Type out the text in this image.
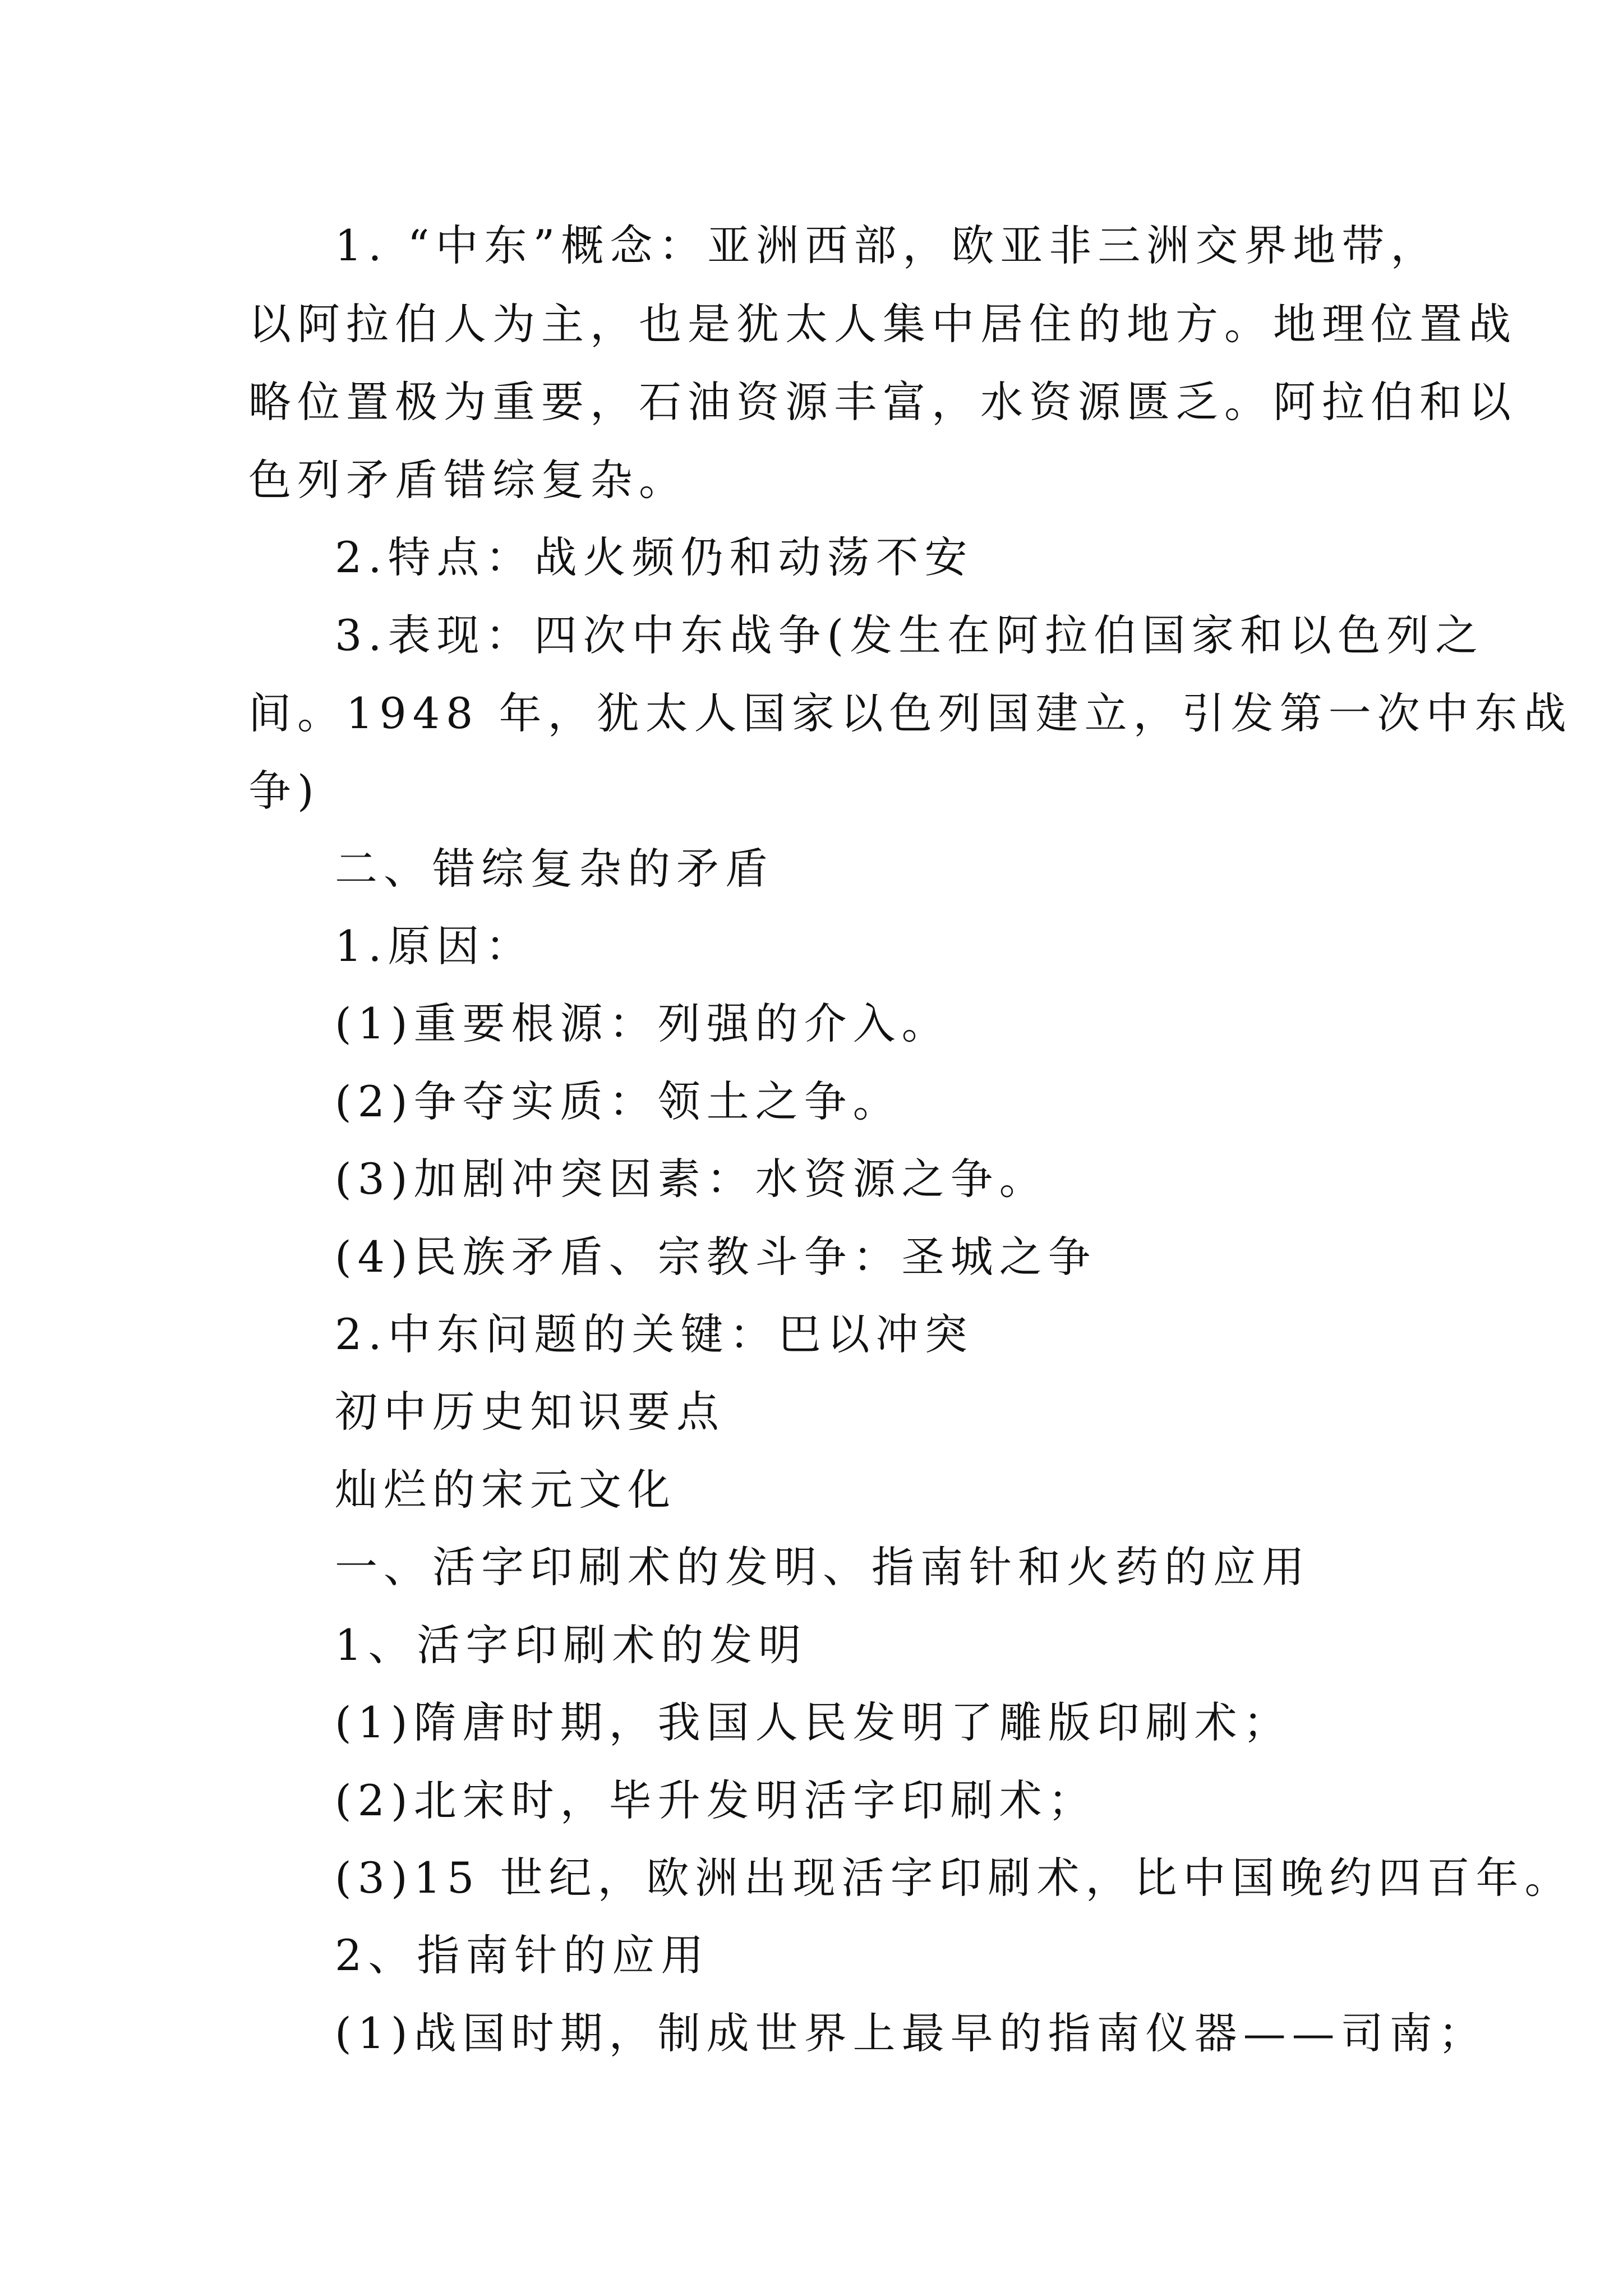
1. “中东”概念：亚洲西部，欧亚非三洲交界地带，
以阿拉伯人为主，也是犹太人集中居住的地方。地理位置战
略位置极为重要，石油资源丰富，水资源匮乏。阿拉伯和以
色列矛盾错综复杂。
2.特点：战火频仍和动荡不安
3.表现：四次中东战争(发生在阿拉伯国家和以色列之
间。1948 年，犹太人国家以色列国建立，引发第一次中东战
争)
二、错综复杂的矛盾
1.原因：
(1)重要根源：列强的介入。
(2)争夺实质：领土之争。
(3)加剧冲突因素：水资源之争。
(4)民族矛盾、宗教斗争：圣城之争
2.中东问题的关键：巴以冲突
初中历史知识要点
灿烂的宋元文化
一、活字印刷术的发明、指南针和火药的应用
1、活字印刷术的发明
(1)隋唐时期，我国人民发明了雕版印刷术；
(2)北宋时，毕升发明活字印刷术；
(3)15 世纪，欧洲出现活字印刷术，比中国晚约四百年。
2、指南针的应用
(1)战国时期，制成世界上最早的指南仪器——司南；
